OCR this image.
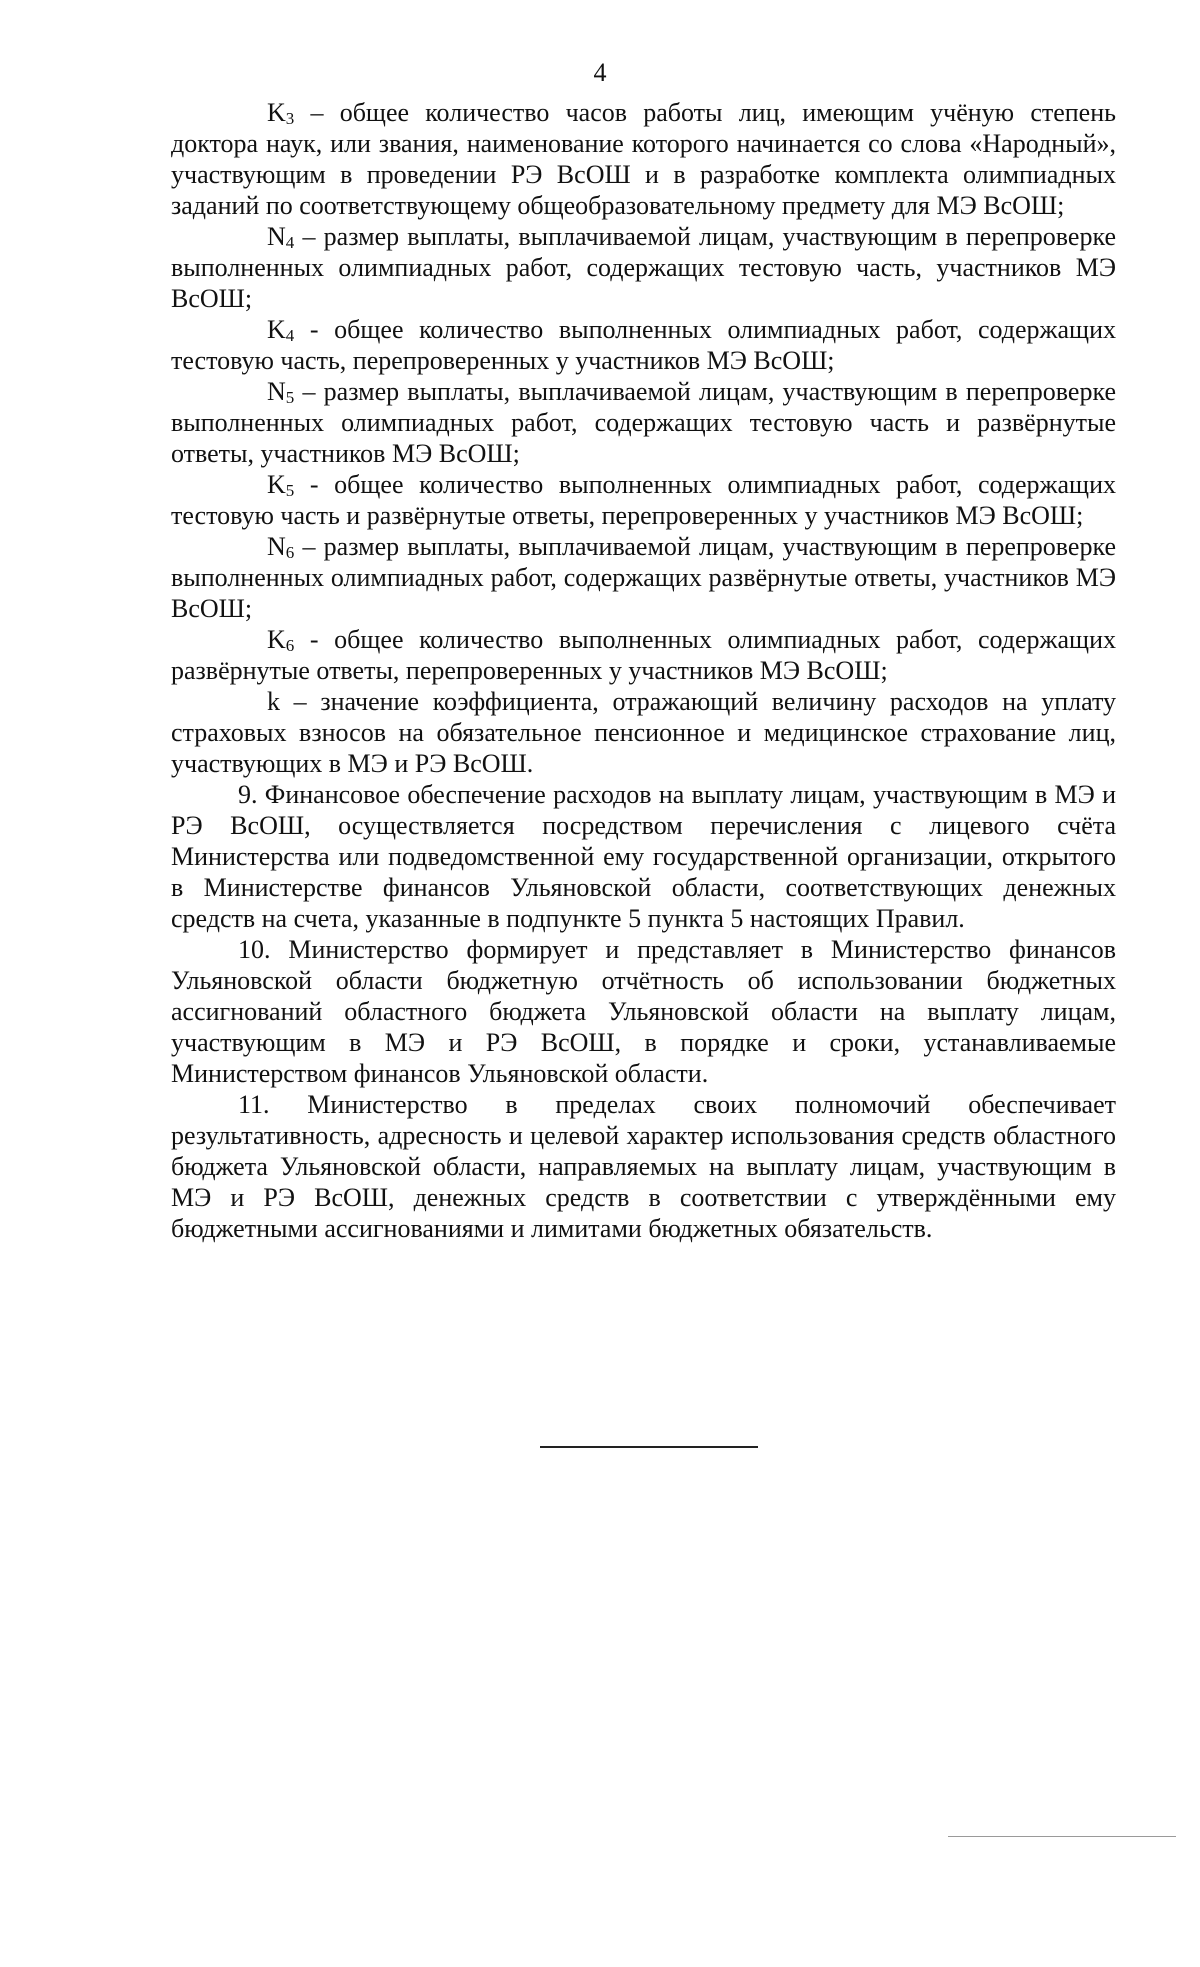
4

$K_3$ – общее количество часов работы лиц, имеющим учёную степень доктора наук, или звания, наименование которого начинается со слова «Народный», участвующим в проведении РЭ ВсОШ и в разработке комплекта олимпиадных заданий по соответствующему общеобразовательному предмету для МЭ ВсОШ;

$N_4$ – размер выплаты, выплачиваемой лицам, участвующим в перепроверке выполненных олимпиадных работ, содержащих тестовую часть, участников МЭ ВсОШ;

$K_4$ - общее количество выполненных олимпиадных работ, содержащих тестовую часть, перепроверенных у участников МЭ ВсОШ;

$N_5$ – размер выплаты, выплачиваемой лицам, участвующим в перепроверке выполненных олимпиадных работ, содержащих тестовую часть и развёрнутые ответы, участников МЭ ВсОШ;

$K_5$ - общее количество выполненных олимпиадных работ, содержащих тестовую часть и развёрнутые ответы, перепроверенных у участников МЭ ВсОШ;

$N_6$ – размер выплаты, выплачиваемой лицам, участвующим в перепроверке выполненных олимпиадных работ, содержащих развёрнутые ответы, участников МЭ ВсОШ;

$K_6$ - общее количество выполненных олимпиадных работ, содержащих развёрнутые ответы, перепроверенных у участников МЭ ВсОШ;

k – значение коэффициента, отражающий величину расходов на уплату страховых взносов на обязательное пенсионное и медицинское страхование лиц, участвующих в МЭ и РЭ ВсОШ.

9. Финансовое обеспечение расходов на выплату лицам, участвующим в МЭ и РЭ ВсОШ, осуществляется посредством перечисления с лицевого счёта Министерства или подведомственной ему государственной организации, открытого в Министерстве финансов Ульяновской области, соответствующих денежных средств на счета, указанные в подпункте 5 пункта 5 настоящих Правил.

10. Министерство формирует и представляет в Министерство финансов Ульяновской области бюджетную отчётность об использовании бюджетных ассигнований областного бюджета Ульяновской области на выплату лицам, участвующим в МЭ и РЭ ВсОШ, в порядке и сроки, устанавливаемые Министерством финансов Ульяновской области.

11. Министерство в пределах своих полномочий обеспечивает результативность, адресность и целевой характер использования средств областного бюджета Ульяновской области, направляемых на выплату лицам, участвующим в МЭ и РЭ ВсОШ, денежных средств в соответствии с утверждёнными ему бюджетными ассигнованиями и лимитами бюджетных обязательств.
